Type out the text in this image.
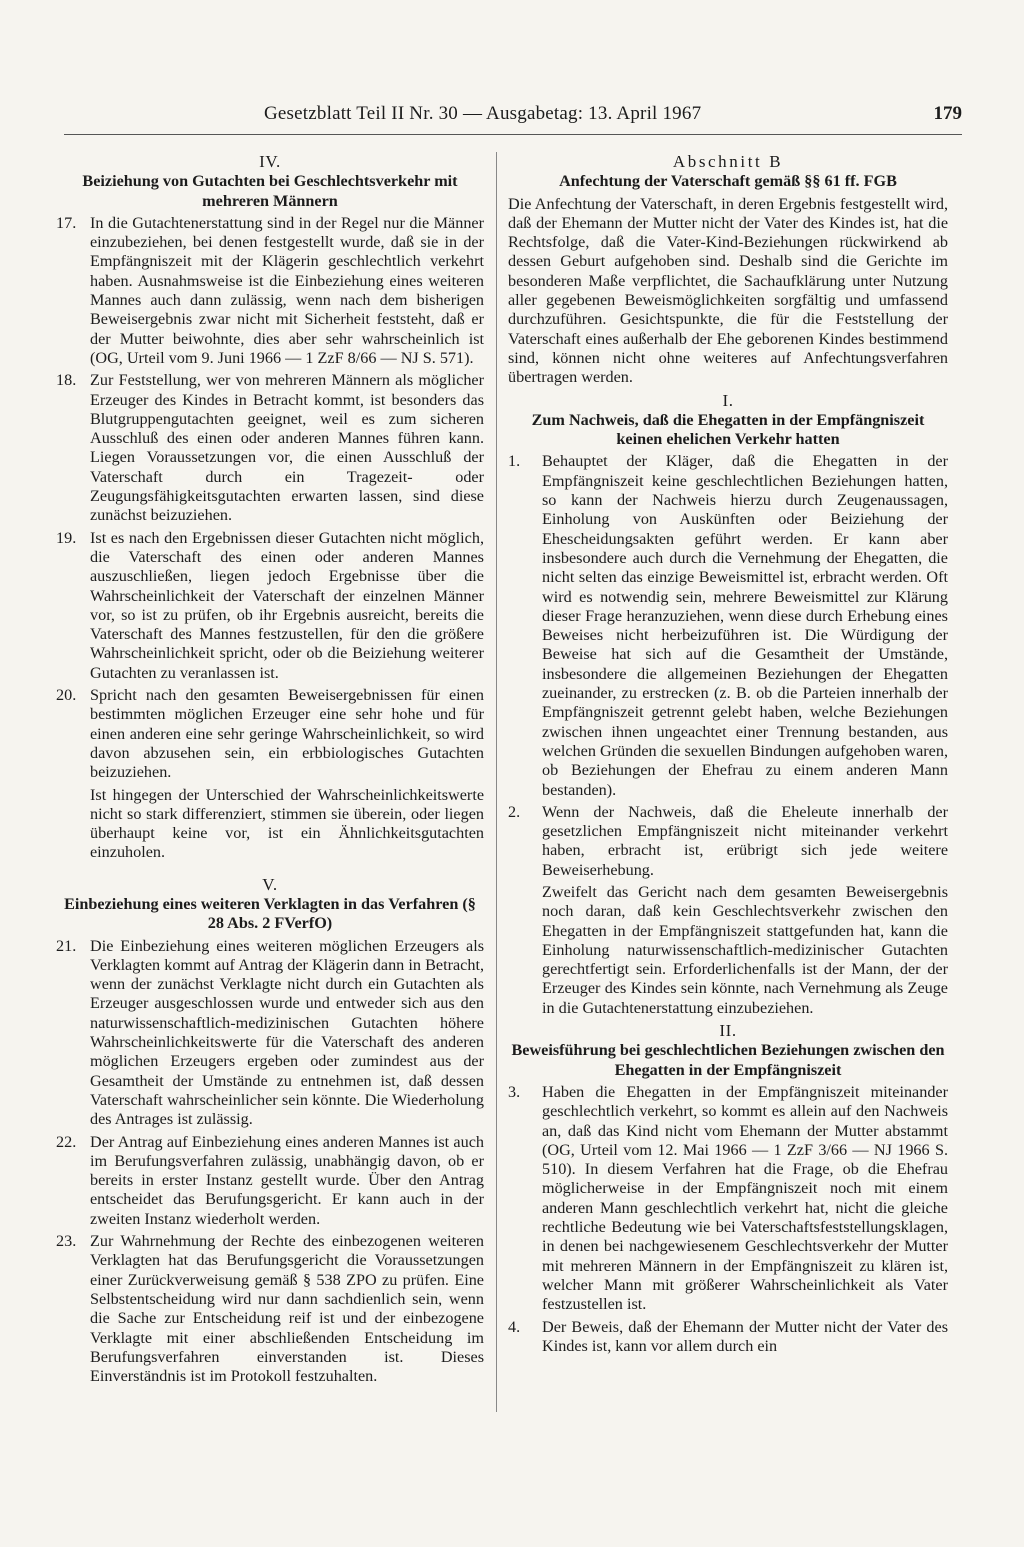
Gesetzblatt Teil II Nr. 30 — Ausgabetag: 13. April 1967	179
IV.
Beiziehung von Gutachten bei Geschlechtsverkehr mit mehreren Männern
17. In die Gutachtenerstattung sind in der Regel nur die Männer einzubeziehen, bei denen festgestellt wurde, daß sie in der Empfängniszeit mit der Klägerin geschlechtlich verkehrt haben. Ausnahmsweise ist die Einbeziehung eines weiteren Mannes auch dann zulässig, wenn nach dem bisherigen Beweisergebnis zwar nicht mit Sicherheit feststeht, daß er der Mutter beiwohnte, dies aber sehr wahrscheinlich ist (OG, Urteil vom 9. Juni 1966 — 1 ZzF 8/66 — NJ S. 571).
18. Zur Feststellung, wer von mehreren Männern als möglicher Erzeuger des Kindes in Betracht kommt, ist besonders das Blutgruppengutachten geeignet, weil es zum sicheren Ausschluß des einen oder anderen Mannes führen kann. Liegen Voraussetzungen vor, die einen Ausschluß der Vaterschaft durch ein Tragezeit- oder Zeugungsfähigkeitsgutachten erwarten lassen, sind diese zunächst beizuziehen.
19. Ist es nach den Ergebnissen dieser Gutachten nicht möglich, die Vaterschaft des einen oder anderen Mannes auszuschließen, liegen jedoch Ergebnisse über die Wahrscheinlichkeit der Vaterschaft der einzelnen Männer vor, so ist zu prüfen, ob ihr Ergebnis ausreicht, bereits die Vaterschaft des Mannes festzustellen, für den die größere Wahrscheinlichkeit spricht, oder ob die Beiziehung weiterer Gutachten zu veranlassen ist.
20. Spricht nach den gesamten Beweisergebnissen für einen bestimmten möglichen Erzeuger eine sehr hohe und für einen anderen eine sehr geringe Wahrscheinlichkeit, so wird davon abzusehen sein, ein erbbiologisches Gutachten beizuziehen.
Ist hingegen der Unterschied der Wahrscheinlichkeitswerte nicht so stark differenziert, stimmen sie überein, oder liegen überhaupt keine vor, ist ein Ähnlichkeitsgutachten einzuholen.
V.
Einbeziehung eines weiteren Verklagten in das Verfahren (§ 28 Abs. 2 FVerfO)
21. Die Einbeziehung eines weiteren möglichen Erzeugers als Verklagten kommt auf Antrag der Klägerin dann in Betracht, wenn der zunächst Verklagte nicht durch ein Gutachten als Erzeuger ausgeschlossen wurde und entweder sich aus den naturwissenschaftlich-medizinischen Gutachten höhere Wahrscheinlichkeitswerte für die Vaterschaft des anderen möglichen Erzeugers ergeben oder zumindest aus der Gesamtheit der Umstände zu entnehmen ist, daß dessen Vaterschaft wahrscheinlicher sein könnte. Die Wiederholung des Antrages ist zulässig.
22. Der Antrag auf Einbeziehung eines anderen Mannes ist auch im Berufungsverfahren zulässig, unabhängig davon, ob er bereits in erster Instanz gestellt wurde. Über den Antrag entscheidet das Berufungsgericht. Er kann auch in der zweiten Instanz wiederholt werden.
23. Zur Wahrnehmung der Rechte des einbezogenen weiteren Verklagten hat das Berufungsgericht die Voraussetzungen einer Zurückverweisung gemäß § 538 ZPO zu prüfen. Eine Selbstentscheidung wird nur dann sachdienlich sein, wenn die Sache zur Entscheidung reif ist und der einbezogene Verklagte mit einer abschließenden Entscheidung im Berufungsverfahren einverstanden ist. Dieses Einverständnis ist im Protokoll festzuhalten.
Abschnitt B
Anfechtung der Vaterschaft gemäß §§ 61 ff. FGB
Die Anfechtung der Vaterschaft, in deren Ergebnis festgestellt wird, daß der Ehemann der Mutter nicht der Vater des Kindes ist, hat die Rechtsfolge, daß die Vater-Kind-Beziehungen rückwirkend ab dessen Geburt aufgehoben sind. Deshalb sind die Gerichte im besonderen Maße verpflichtet, die Sachaufklärung unter Nutzung aller gegebenen Beweismöglichkeiten sorgfältig und umfassend durchzuführen. Gesichtspunkte, die für die Feststellung der Vaterschaft eines außerhalb der Ehe geborenen Kindes bestimmend sind, können nicht ohne weiteres auf Anfechtungsverfahren übertragen werden.
I.
Zum Nachweis, daß die Ehegatten in der Empfängniszeit keinen ehelichen Verkehr hatten
1. Behauptet der Kläger, daß die Ehegatten in der Empfängniszeit keine geschlechtlichen Beziehungen hatten, so kann der Nachweis hierzu durch Zeugenaussagen, Einholung von Auskünften oder Beiziehung der Ehescheidungsakten geführt werden. Er kann aber insbesondere auch durch die Vernehmung der Ehegatten, die nicht selten das einzige Beweismittel ist, erbracht werden. Oft wird es notwendig sein, mehrere Beweismittel zur Klärung dieser Frage heranzuziehen, wenn diese durch Erhebung eines Beweises nicht herbeizuführen ist. Die Würdigung der Beweise hat sich auf die Gesamtheit der Umstände, insbesondere die allgemeinen Beziehungen der Ehegatten zueinander, zu erstrecken (z. B. ob die Parteien innerhalb der Empfängniszeit getrennt gelebt haben, welche Beziehungen zwischen ihnen ungeachtet einer Trennung bestanden, aus welchen Gründen die sexuellen Bindungen aufgehoben waren, ob Beziehungen der Ehefrau zu einem anderen Mann bestanden).
2. Wenn der Nachweis, daß die Eheleute innerhalb der gesetzlichen Empfängniszeit nicht miteinander verkehrt haben, erbracht ist, erübrigt sich jede weitere Beweiserhebung.
Zweifelt das Gericht nach dem gesamten Beweisergebnis noch daran, daß kein Geschlechtsverkehr zwischen den Ehegatten in der Empfängniszeit stattgefunden hat, kann die Einholung naturwissenschaftlich-medizinischer Gutachten gerechtfertigt sein. Erforderlichenfalls ist der Mann, der der Erzeuger des Kindes sein könnte, nach Vernehmung als Zeuge in die Gutachtenerstattung einzubeziehen.
II.
Beweisführung bei geschlechtlichen Beziehungen zwischen den Ehegatten in der Empfängniszeit
3. Haben die Ehegatten in der Empfängniszeit miteinander geschlechtlich verkehrt, so kommt es allein auf den Nachweis an, daß das Kind nicht vom Ehemann der Mutter abstammt (OG, Urteil vom 12. Mai 1966 — 1 ZzF 3/66 — NJ 1966 S. 510). In diesem Verfahren hat die Frage, ob die Ehefrau möglicherweise in der Empfängniszeit noch mit einem anderen Mann geschlechtlich verkehrt hat, nicht die gleiche rechtliche Bedeutung wie bei Vaterschaftsfeststellungsklagen, in denen bei nachgewiesenem Geschlechtsverkehr der Mutter mit mehreren Männern in der Empfängniszeit zu klären ist, welcher Mann mit größerer Wahrscheinlichkeit als Vater festzustellen ist.
4. Der Beweis, daß der Ehemann der Mutter nicht der Vater des Kindes ist, kann vor allem durch ein
